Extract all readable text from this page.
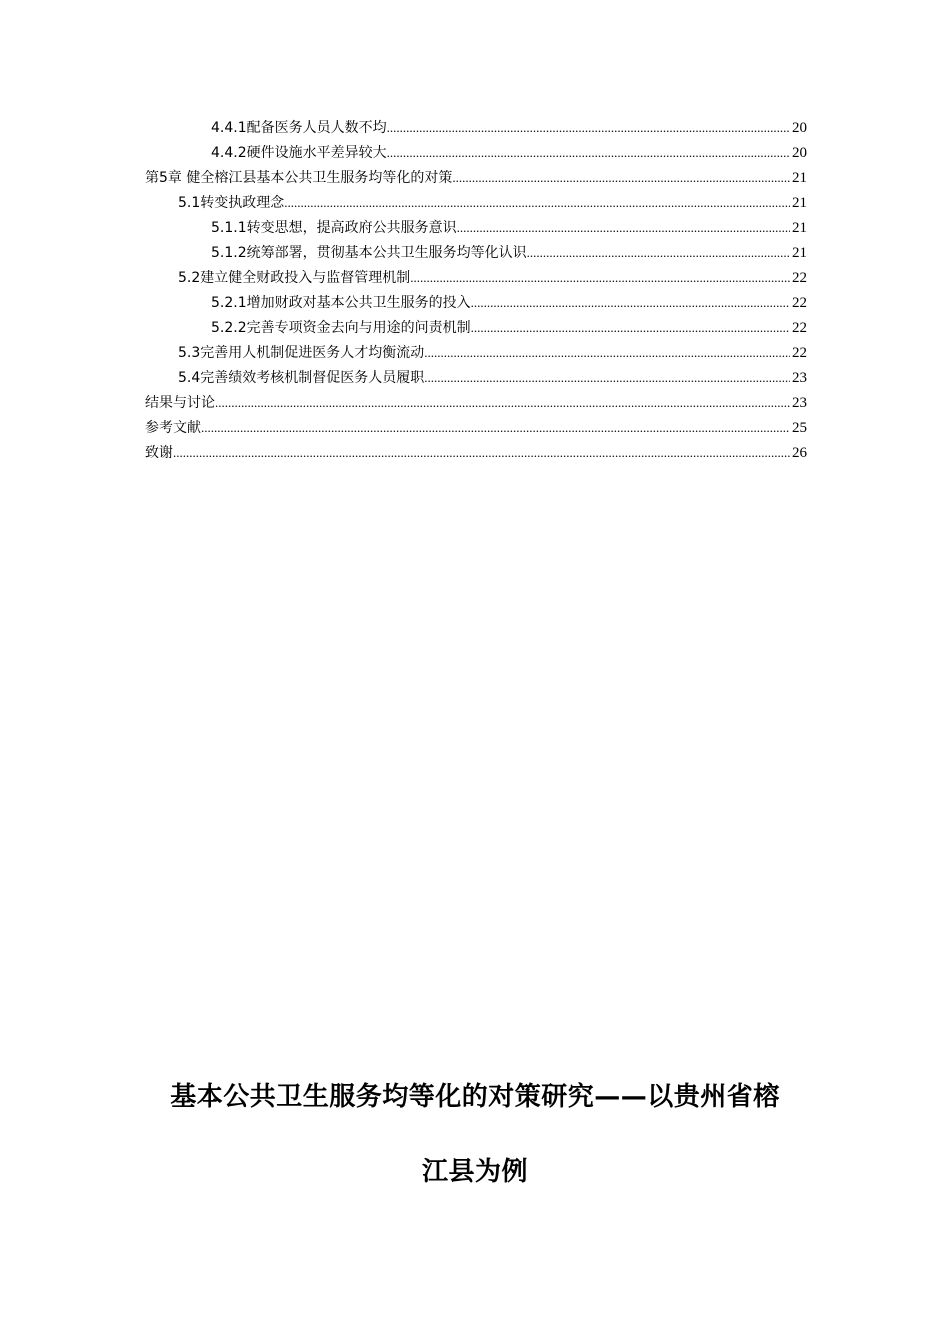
4.4.1配备医务人员人数不均 .....	20
4.4.2硬件设施水平差异较大 .....	20
第5章 健全榕江县基本公共卫生服务均等化的对策 .....	21
5.1转变执政理念 .....	21
5.1.1转变思想，提高政府公共服务意识 .....	21
5.1.2统筹部署，贯彻基本公共卫生服务均等化认识 .....	21
5.2建立健全财政投入与监督管理机制 .....	22
5.2.1增加财政对基本公共卫生服务的投入 .....	22
5.2.2完善专项资金去向与用途的问责机制 .....	22
5.3完善用人机制促进医务人才均衡流动 .....	22
5.4完善绩效考核机制督促医务人员履职 .....	23
结果与讨论 .....	23
参考文献 .....	25
致谢 .....	26
基本公共卫生服务均等化的对策研究——以贵州省榕
江县为例
